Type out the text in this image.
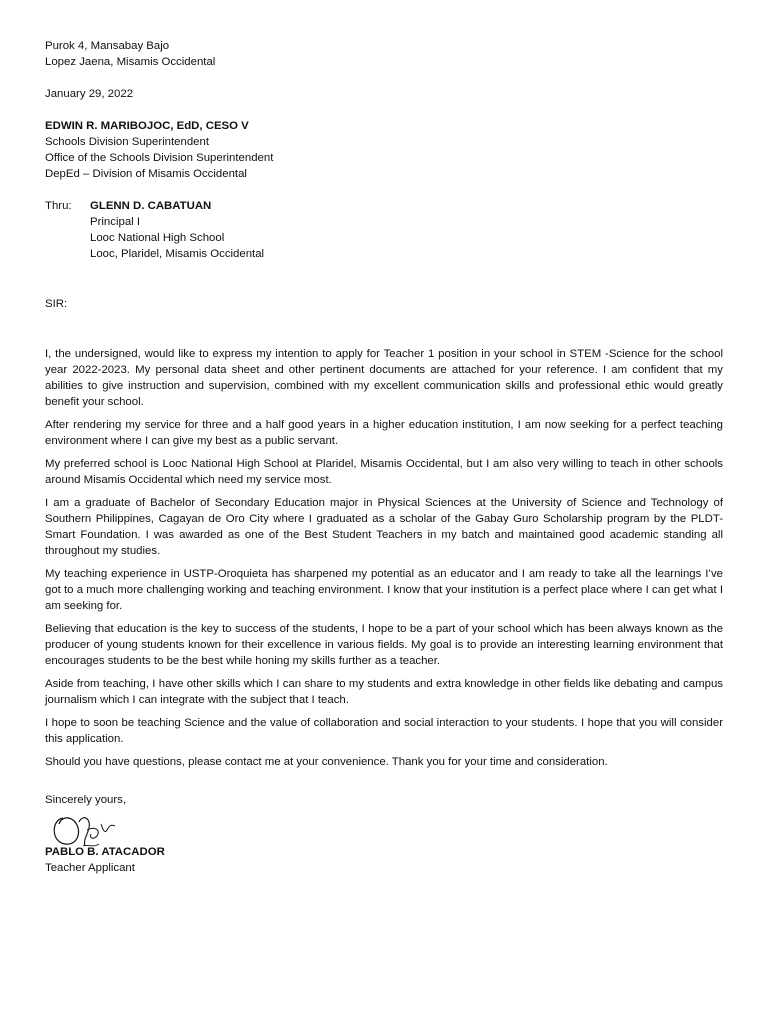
Purok 4, Mansabay Bajo
Lopez Jaena, Misamis Occidental
January 29, 2022
EDWIN R. MARIBOJOC, EdD, CESO V
Schools Division Superintendent
Office of the Schools Division Superintendent
DepEd – Division of Misamis Occidental
Thru:	GLENN D. CABATUAN
Principal I
Looc National High School
Looc, Plaridel, Misamis Occidental
SIR:

I, the undersigned, would like to express my intention to apply for Teacher 1 position in your school in STEM -Science for the school year 2022-2023. My personal data sheet and other pertinent documents are attached for your reference. I am confident that my abilities to give instruction and supervision, combined with my excellent communication skills and professional ethic would greatly benefit your school.

After rendering my service for three and a half good years in a higher education institution, I am now seeking for a perfect teaching environment where I can give my best as a public servant.

My preferred school is Looc National High School at Plaridel, Misamis Occidental, but I am also very willing to teach in other schools around Misamis Occidental which need my service most.

I am a graduate of Bachelor of Secondary Education major in Physical Sciences at the University of Science and Technology of Southern Philippines, Cagayan de Oro City where I graduated as a scholar of the Gabay Guro Scholarship program by the PLDT-Smart Foundation. I was awarded as one of the Best Student Teachers in my batch and maintained good academic standing all throughout my studies.

My teaching experience in USTP-Oroquieta has sharpened my potential as an educator and I am ready to take all the learnings I’ve got to a much more challenging working and teaching environment. I know that your institution is a perfect place where I can get what I am seeking for.

Believing that education is the key to success of the students, I hope to be a part of your school which has been always known as the producer of young students known for their excellence in various fields. My goal is to provide an interesting learning environment that encourages students to be the best while honing my skills further as a teacher.

Aside from teaching, I have other skills which I can share to my students and extra knowledge in other fields like debating and campus journalism which I can integrate with the subject that I teach.

I hope to soon be teaching Science and the value of collaboration and social interaction to your students. I hope that you will consider this application.

Should you have questions, please contact me at your convenience. Thank you for your time and consideration.

Sincerely yours,
PABLO B. ATACADOR
Teacher Applicant
